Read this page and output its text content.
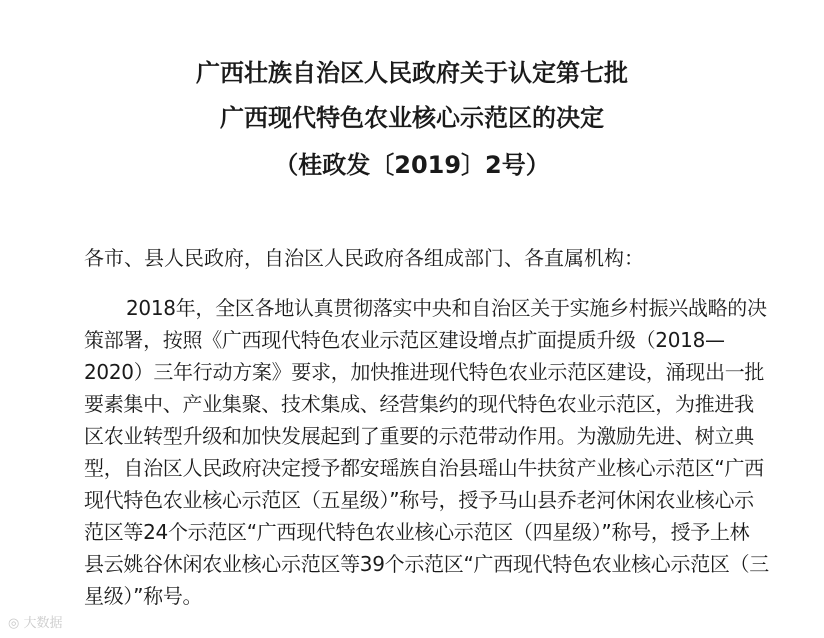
广西壮族自治区人民政府关于认定第七批
广西现代特色农业核心示范区的决定
（桂政发〔2019〕2号）

各市、县人民政府，自治区人民政府各组成部门、各直属机构：

2018年，全区各地认真贯彻落实中央和自治区关于实施乡村振兴战略的决

策部署，按照《广西现代特色农业示范区建设增点扩面提质升级（2018—

2020）三年行动方案》要求，加快推进现代特色农业示范区建设，涌现出一批

要素集中、产业集聚、技术集成、经营集约的现代特色农业示范区，为推进我

区农业转型升级和加快发展起到了重要的示范带动作用。为激励先进、树立典

型，自治区人民政府决定授予都安瑶族自治县瑶山牛扶贫产业核心示范区“广西

现代特色农业核心示范区（五星级）”称号，授予马山县乔老河休闲农业核心示

范区等24个示范区“广西现代特色农业核心示范区（四星级）”称号，授予上林

县云姚谷休闲农业核心示范区等39个示范区“广西现代特色农业核心示范区（三

星级）”称号。

◎ 大数据
